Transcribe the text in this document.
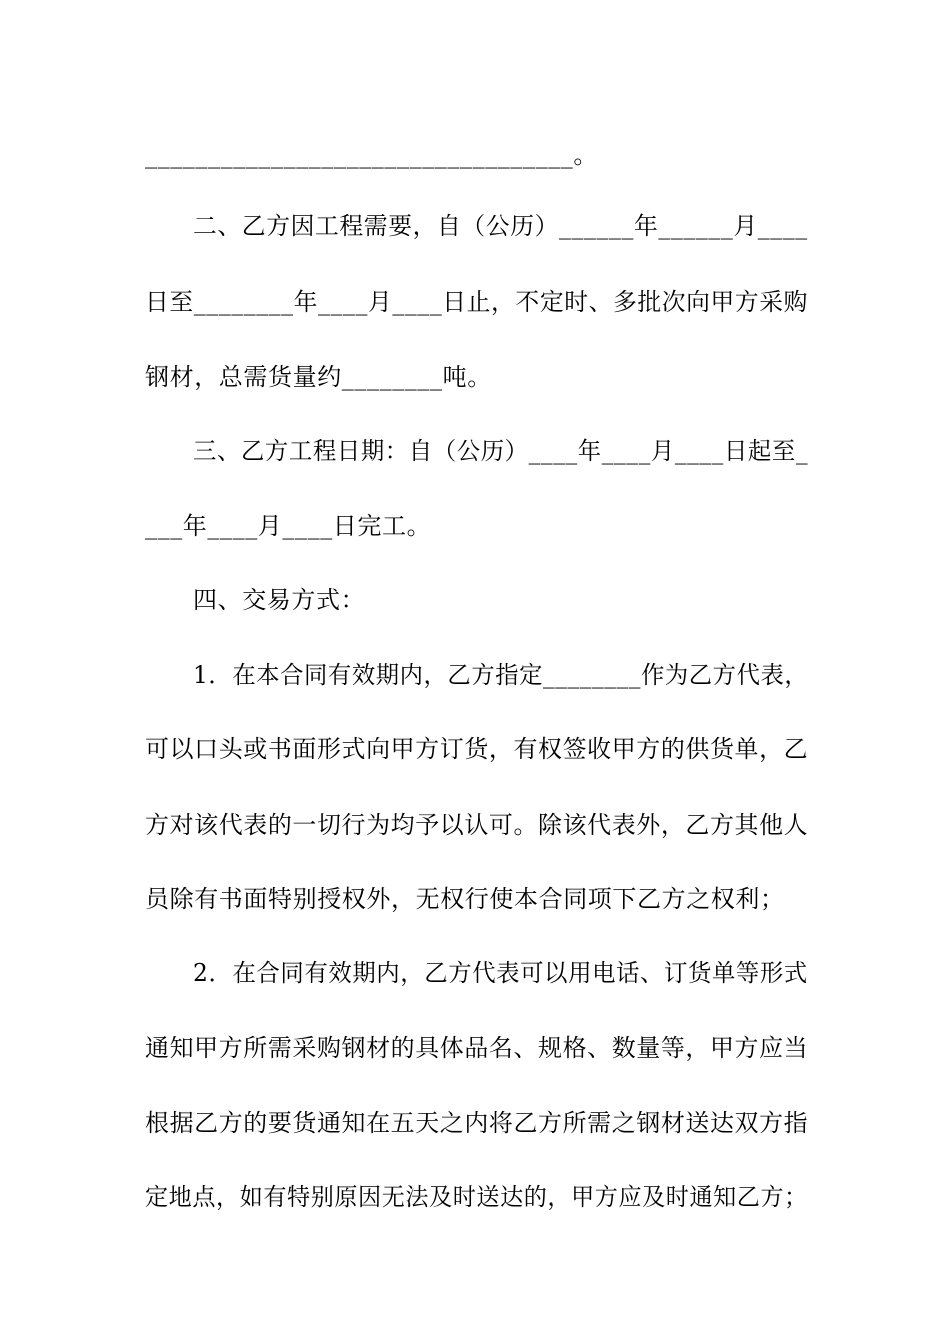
__________________________________。
二、乙方因工程需要，自（公历）______年______月____
日至________年____月____日止，不定时、多批次向甲方采购
钢材，总需货量约________吨。
三、乙方工程日期：自（公历）____年____月____日起至_
___年____月____日完工。
四、交易方式：
1．在本合同有效期内，乙方指定________作为乙方代表，
可以口头或书面形式向甲方订货，有权签收甲方的供货单，乙
方对该代表的一切行为均予以认可。除该代表外，乙方其他人
员除有书面特别授权外，无权行使本合同项下乙方之权利；
2．在合同有效期内，乙方代表可以用电话、订货单等形式
通知甲方所需采购钢材的具体品名、规格、数量等，甲方应当
根据乙方的要货通知在五天之内将乙方所需之钢材送达双方指
定地点，如有特别原因无法及时送达的，甲方应及时通知乙方；
